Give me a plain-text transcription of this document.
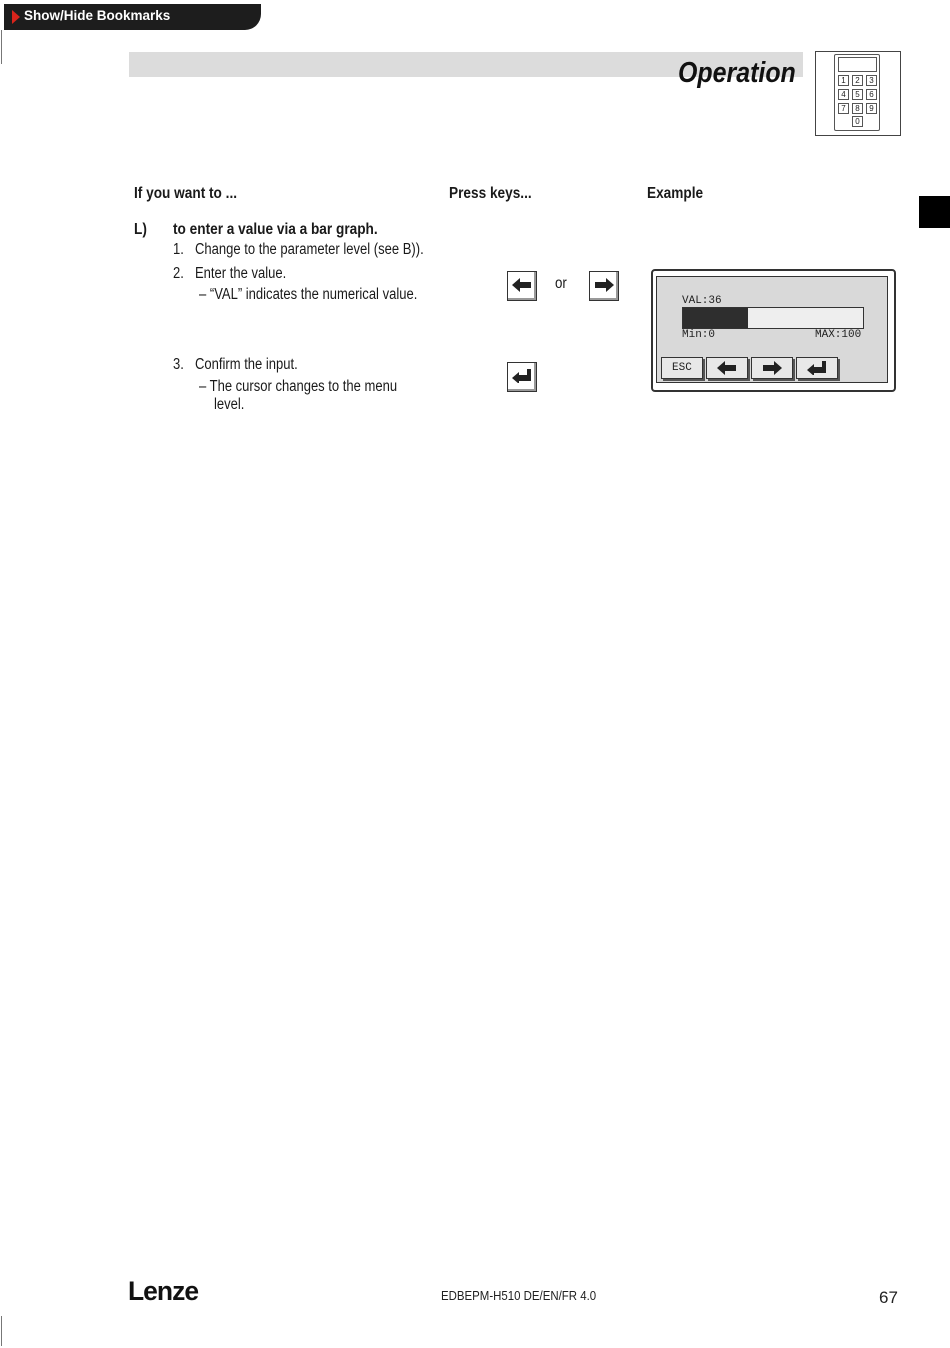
Show/Hide Bookmarks
Operation	1	2	3
4	5	6
7	8	9
0
If you want to ...	Press keys...	Example
L) to enter a value via a bar graph.
1. Change to the parameter level (see B)).
2. Enter the value.
– “VAL” indicates the numerical value.
3. Confirm the input.
– The cursor changes to the menu
level.
or
VAL:36
Min:0	MAX:100
ESC
Lenze	EDBEPM-H510 DE/EN/FR 4.0	67
